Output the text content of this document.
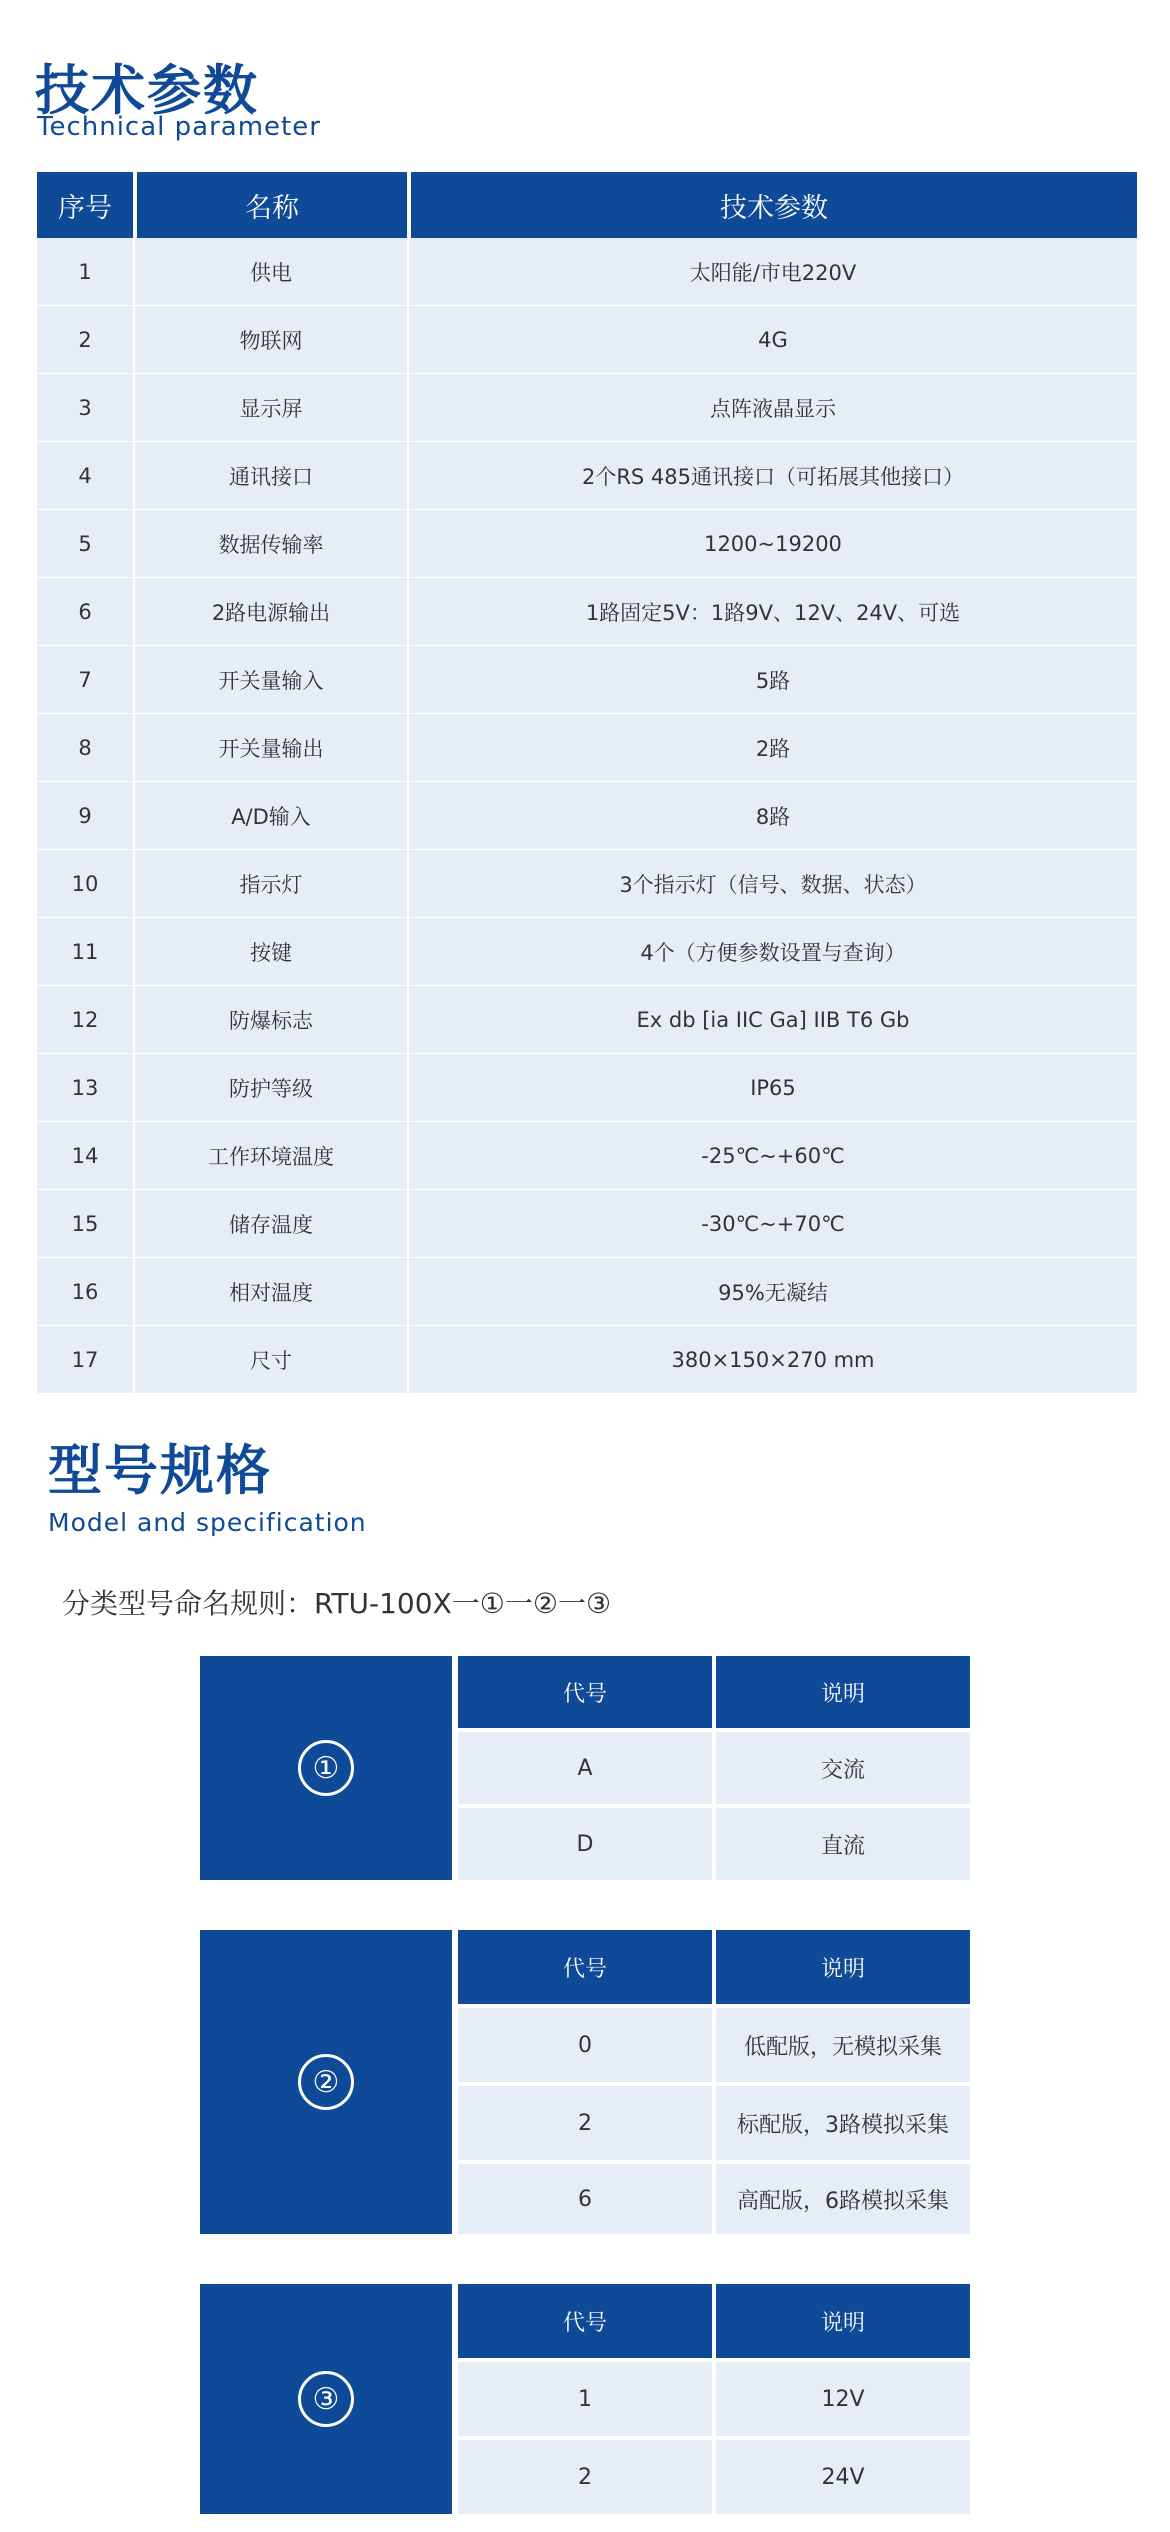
技术参数
Technical parameter
序号	名称	技术参数
1	供电	太阳能/市电220V
2	物联网	4G
3	显示屏	点阵液晶显示
4	通讯接口	2个RS 485通讯接口（可拓展其他接口）
5	数据传输率	1200~19200
6	2路电源输出	1路固定5V：1路9V、12V、24V、可选
7	开关量输入	5路
8	开关量输出	2路
9	A/D输入	8路
10	指示灯	3个指示灯（信号、数据、状态）
11	按键	4个（方便参数设置与查询）
12	防爆标志	Ex db [ia IIC Ga] IIB T6 Gb
13	防护等级	IP65
14	工作环境温度	-25℃~+60℃
15	储存温度	-30℃~+70℃
16	相对温度	95%无凝结
17	尺寸	380×150×270 mm
型号规格
Model and specification
分类型号命名规则：RTU-100X一①一②一③
①
代号	说明
A	交流
D	直流
②
代号	说明
0	低配版，无模拟采集
2	标配版，3路模拟采集
6	高配版，6路模拟采集
③
代号	说明
1	12V
2	24V
